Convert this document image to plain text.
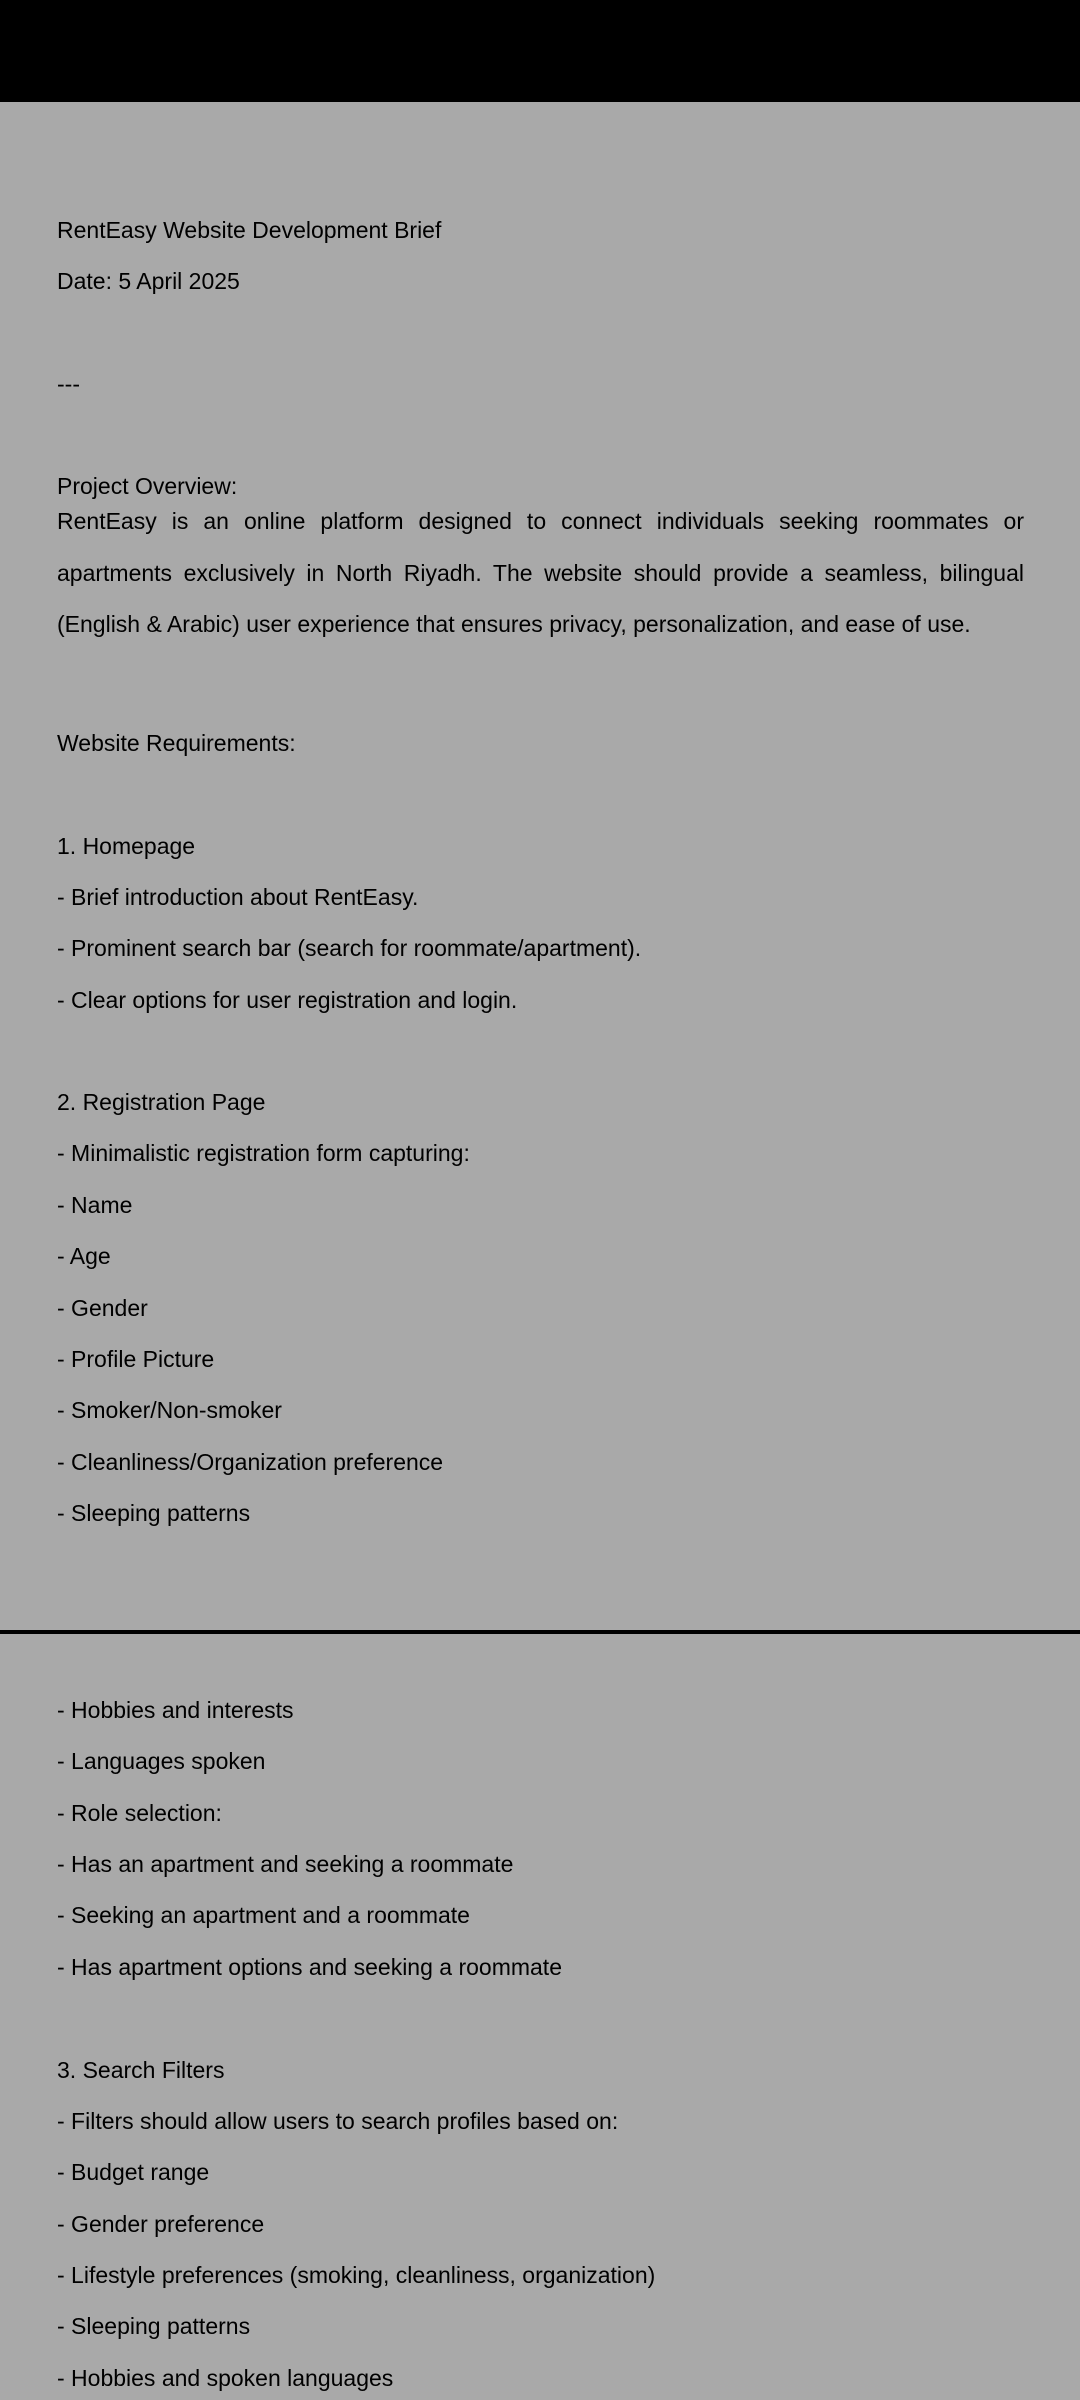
RentEasy Website Development Brief
Date: 5 April 2025
---
Project Overview:

RentEasy is an online platform designed to connect individuals seeking roommates or apartments exclusively in North Riyadh. The website should provide a seamless, bilingual (English & Arabic) user experience that ensures privacy, personalization, and ease of use.

Website Requirements:
1. Homepage
- Brief introduction about RentEasy.
- Prominent search bar (search for roommate/apartment).
- Clear options for user registration and login.
2. Registration Page
- Minimalistic registration form capturing:
- Name
- Age
- Gender
- Profile Picture
- Smoker/Non-smoker
- Cleanliness/Organization preference
- Sleeping patterns
- Hobbies and interests
- Languages spoken
- Role selection:
- Has an apartment and seeking a roommate
- Seeking an apartment and a roommate
- Has apartment options and seeking a roommate
3. Search Filters
- Filters should allow users to search profiles based on:
- Budget range
- Gender preference
- Lifestyle preferences (smoking, cleanliness, organization)
- Sleeping patterns
- Hobbies and spoken languages
